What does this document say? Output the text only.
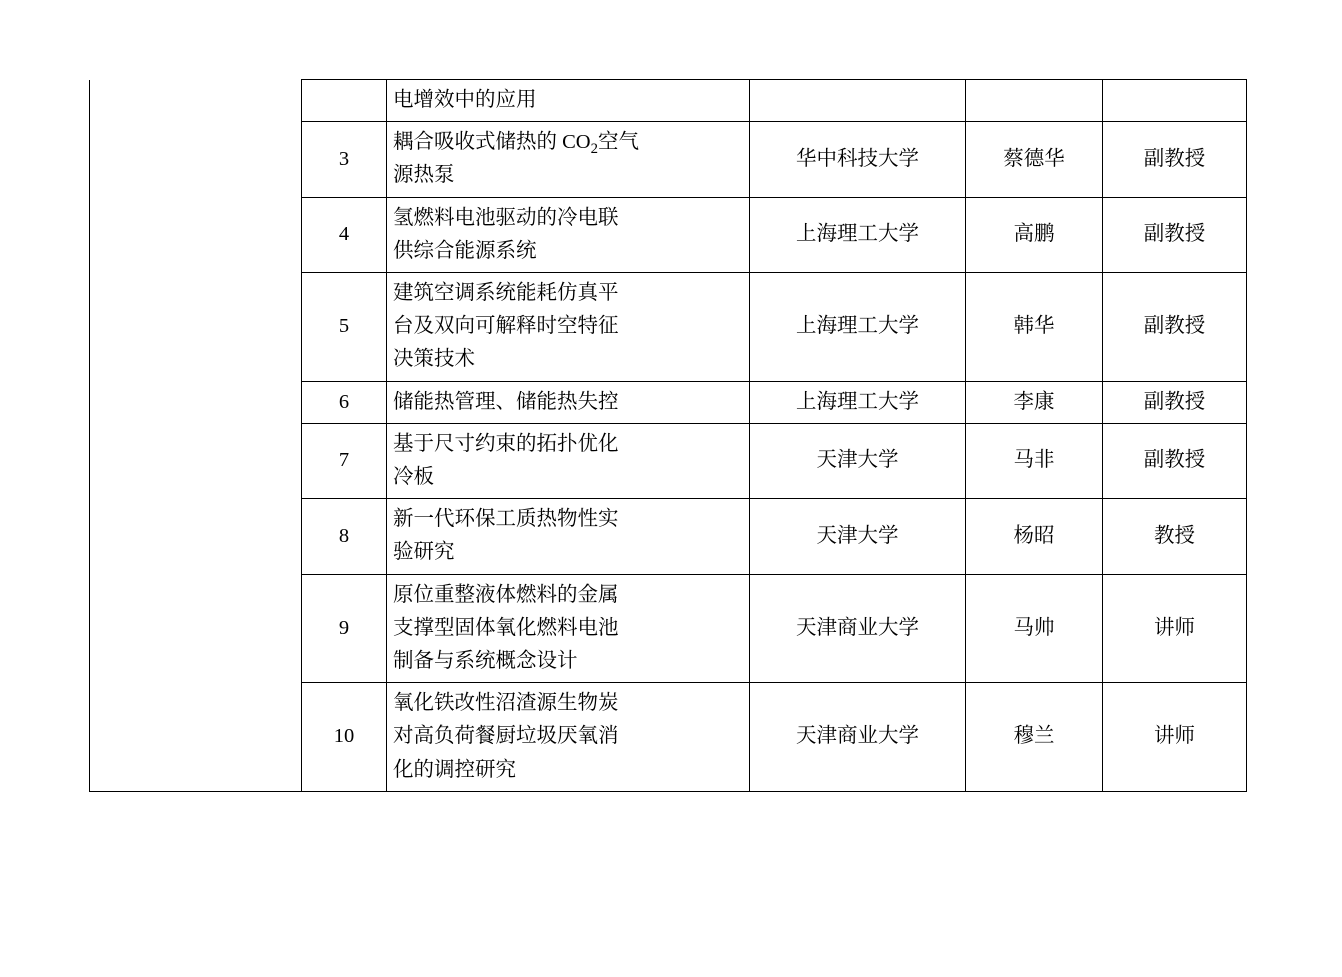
		电增效中的应用			

	3	耦合吸收式储热的 $CO_2$空气
源热泵	华中科技大学	蔡德华	副教授
	4	氢燃料电池驱动的冷电联
供综合能源系统	上海理工大学	高鹏	副教授
	5	建筑空调系统能耗仿真平
台及双向可解释时空特征
决策技术	上海理工大学	韩华	副教授
	6	储能热管理、储能热失控	上海理工大学	李康	副教授
	7	基于尺寸约束的拓扑优化
冷板	天津大学	马非	副教授
	8	新一代环保工质热物性实
验研究	天津大学	杨昭	教授
	9	原位重整液体燃料的金属
支撑型固体氧化燃料电池
制备与系统概念设计	天津商业大学	马帅	讲师
	10	氧化铁改性沼渣源生物炭
对高负荷餐厨垃圾厌氧消
化的调控研究	天津商业大学	穆兰	讲师
